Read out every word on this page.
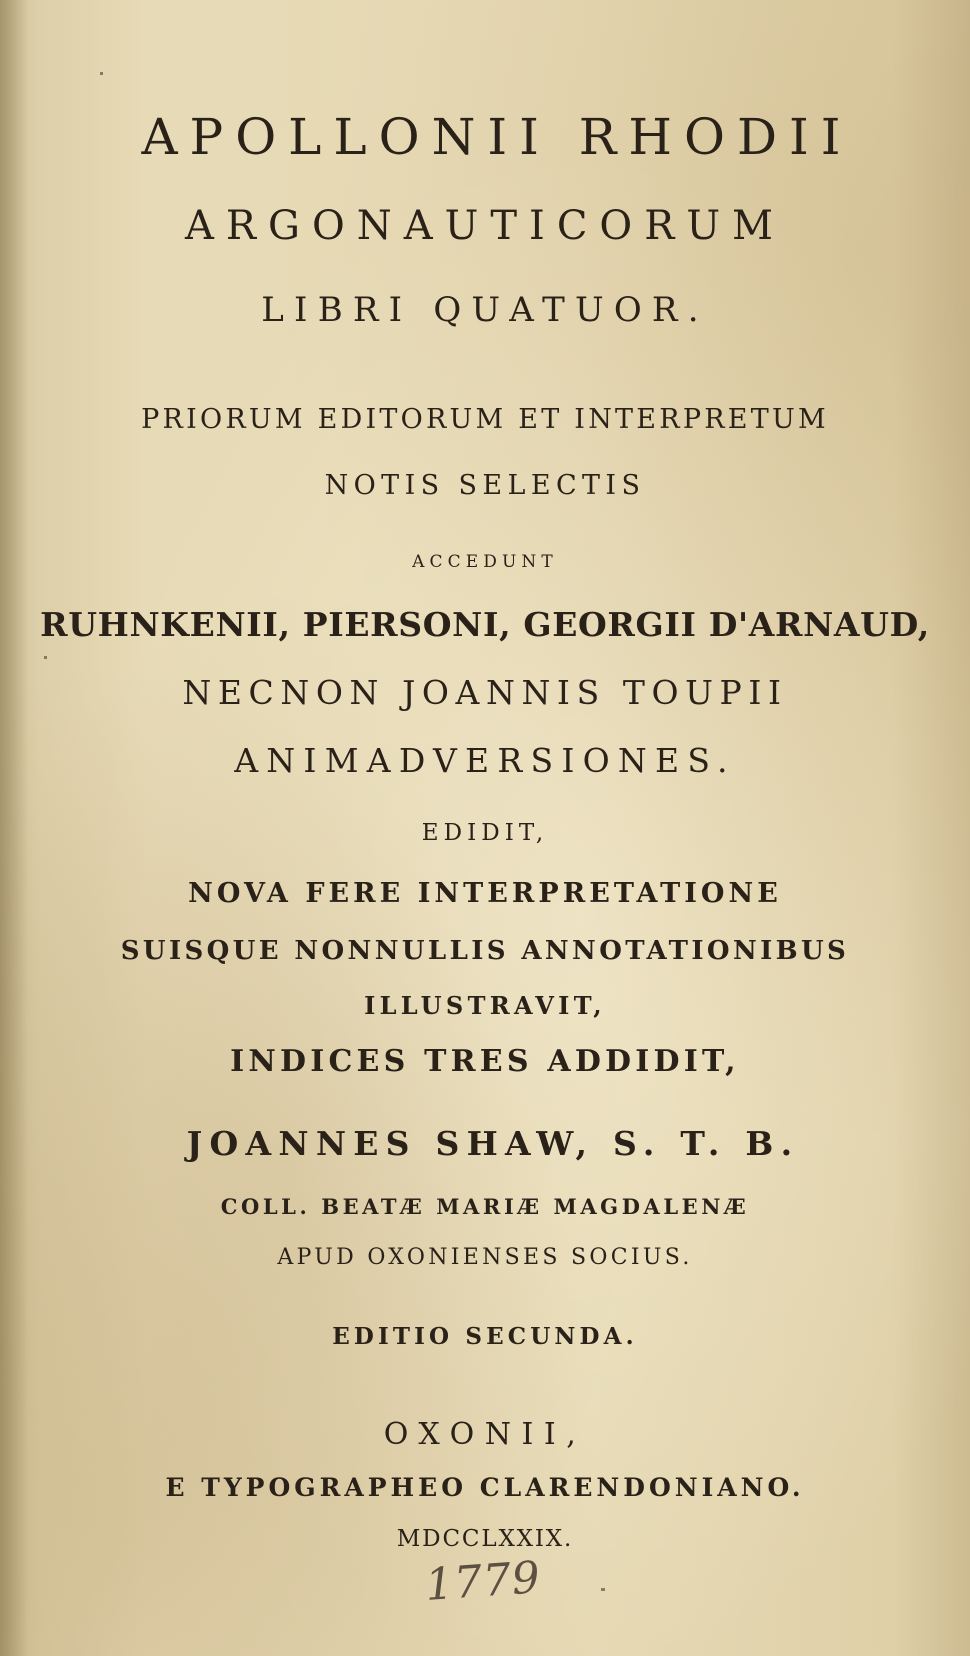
APOLLONII RHODII
ARGONAUTICORUM
LIBRI QUATUOR.
PRIORUM EDITORUM ET INTERPRETUM
NOTIS SELECTIS
ACCEDUNT
RUHNKENII, PIERSONI, GEORGII D'ARNAUD,
NECNON JOANNIS TOUPII
ANIMADVERSIONES.
EDIDIT,
NOVA FERE INTERPRETATIONE
SUISQUE NONNULLIS ANNOTATIONIBUS
ILLUSTRAVIT,
INDICES TRES ADDIDIT,
JOANNES SHAW, S. T. B.
COLL. BEATÆ MARIÆ MAGDALENÆ
APUD OXONIENSES SOCIUS.
EDITIO SECUNDA.
OXONII,
E TYPOGRAPHEO CLARENDONIANO.
MDCCLXXIX.
1779
